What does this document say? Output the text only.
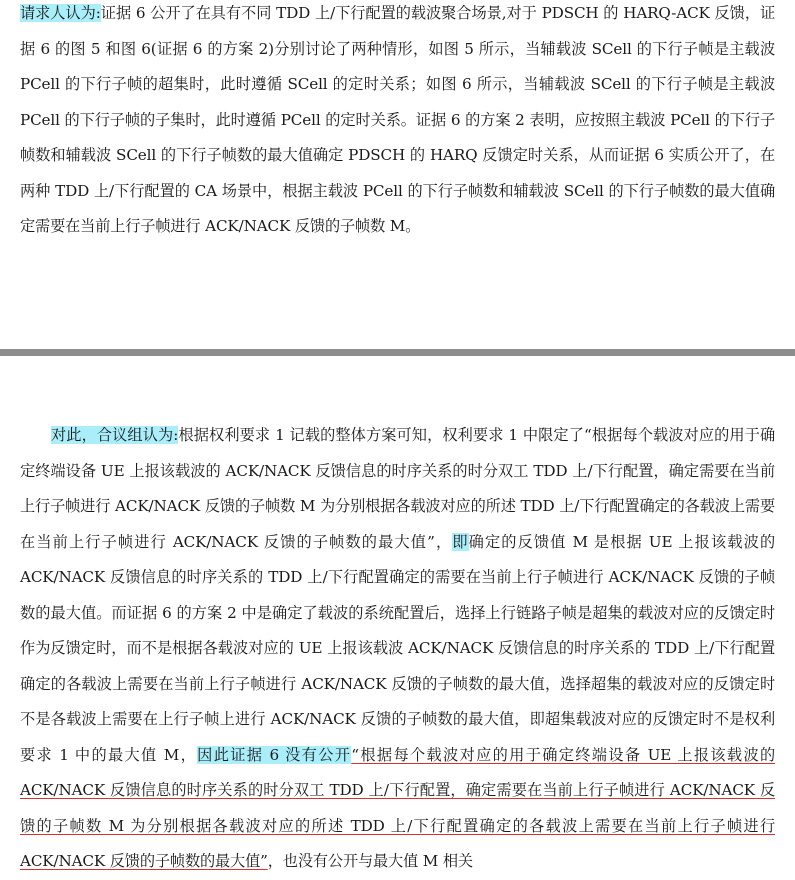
请求人认为:证据 6 公开了在具有不同 TDD 上/下行配置的载波聚合场景,对于 PDSCH 的 HARQ-ACK 反馈，证据 6 的图 5 和图 6(证据 6 的方案 2)分别讨论了两种情形，如图 5 所示，当辅载波 SCell 的下行子帧是主载波 PCell 的下行子帧的超集时，此时遵循 SCell 的定时关系；如图 6 所示，当辅载波 SCell 的下行子帧是主载波 PCell 的下行子帧的子集时，此时遵循 PCell 的定时关系。证据 6 的方案 2 表明，应按照主载波 PCell 的下行子帧数和辅载波 SCell 的下行子帧数的最大值确定 PDSCH 的 HARQ 反馈定时关系，从而证据 6 实质公开了，在两种 TDD 上/下行配置的 CA 场景中，根据主载波 PCell 的下行子帧数和辅载波 SCell 的下行子帧数的最大值确定需要在当前上行子帧进行 ACK/NACK 反馈的子帧数 M。
对此，合议组认为:根据权利要求 1 记载的整体方案可知，权利要求 1 中限定了“根据每个载波对应的用于确定终端设备 UE 上报该载波的 ACK/NACK 反馈信息的时序关系的时分双工 TDD 上/下行配置，确定需要在当前上行子帧进行 ACK/NACK 反馈的子帧数 M 为分别根据各载波对应的所述 TDD 上/下行配置确定的各载波上需要在当前上行子帧进行 ACK/NACK 反馈的子帧数的最大值”，即确定的反馈值 M 是根据 UE 上报该载波的 ACK/NACK 反馈信息的时序关系的 TDD 上/下行配置确定的需要在当前上行子帧进行 ACK/NACK 反馈的子帧数的最大值。而证据 6 的方案 2 中是确定了载波的系统配置后，选择上行链路子帧是超集的载波对应的反馈定时作为反馈定时，而不是根据各载波对应的 UE 上报该载波 ACK/NACK 反馈信息的时序关系的 TDD 上/下行配置确定的各载波上需要在当前上行子帧进行 ACK/NACK 反馈的子帧数的最大值，选择超集的载波对应的反馈定时不是各载波上需要在上行子帧上进行 ACK/NACK 反馈的子帧数的最大值，即超集载波对应的反馈定时不是权利要求 1 中的最大值 M，因此证据 6 没有公开“根据每个载波对应的用于确定终端设备 UE 上报该载波的 ACK/NACK 反馈信息的时序关系的时分双工 TDD 上/下行配置，确定需要在当前上行子帧进行 ACK/NACK 反馈的子帧数 M 为分别根据各载波对应的所述 TDD 上/下行配置确定的各载波上需要在当前上行子帧进行 ACK/NACK 反馈的子帧数的最大值”，也没有公开与最大值 M 相关
